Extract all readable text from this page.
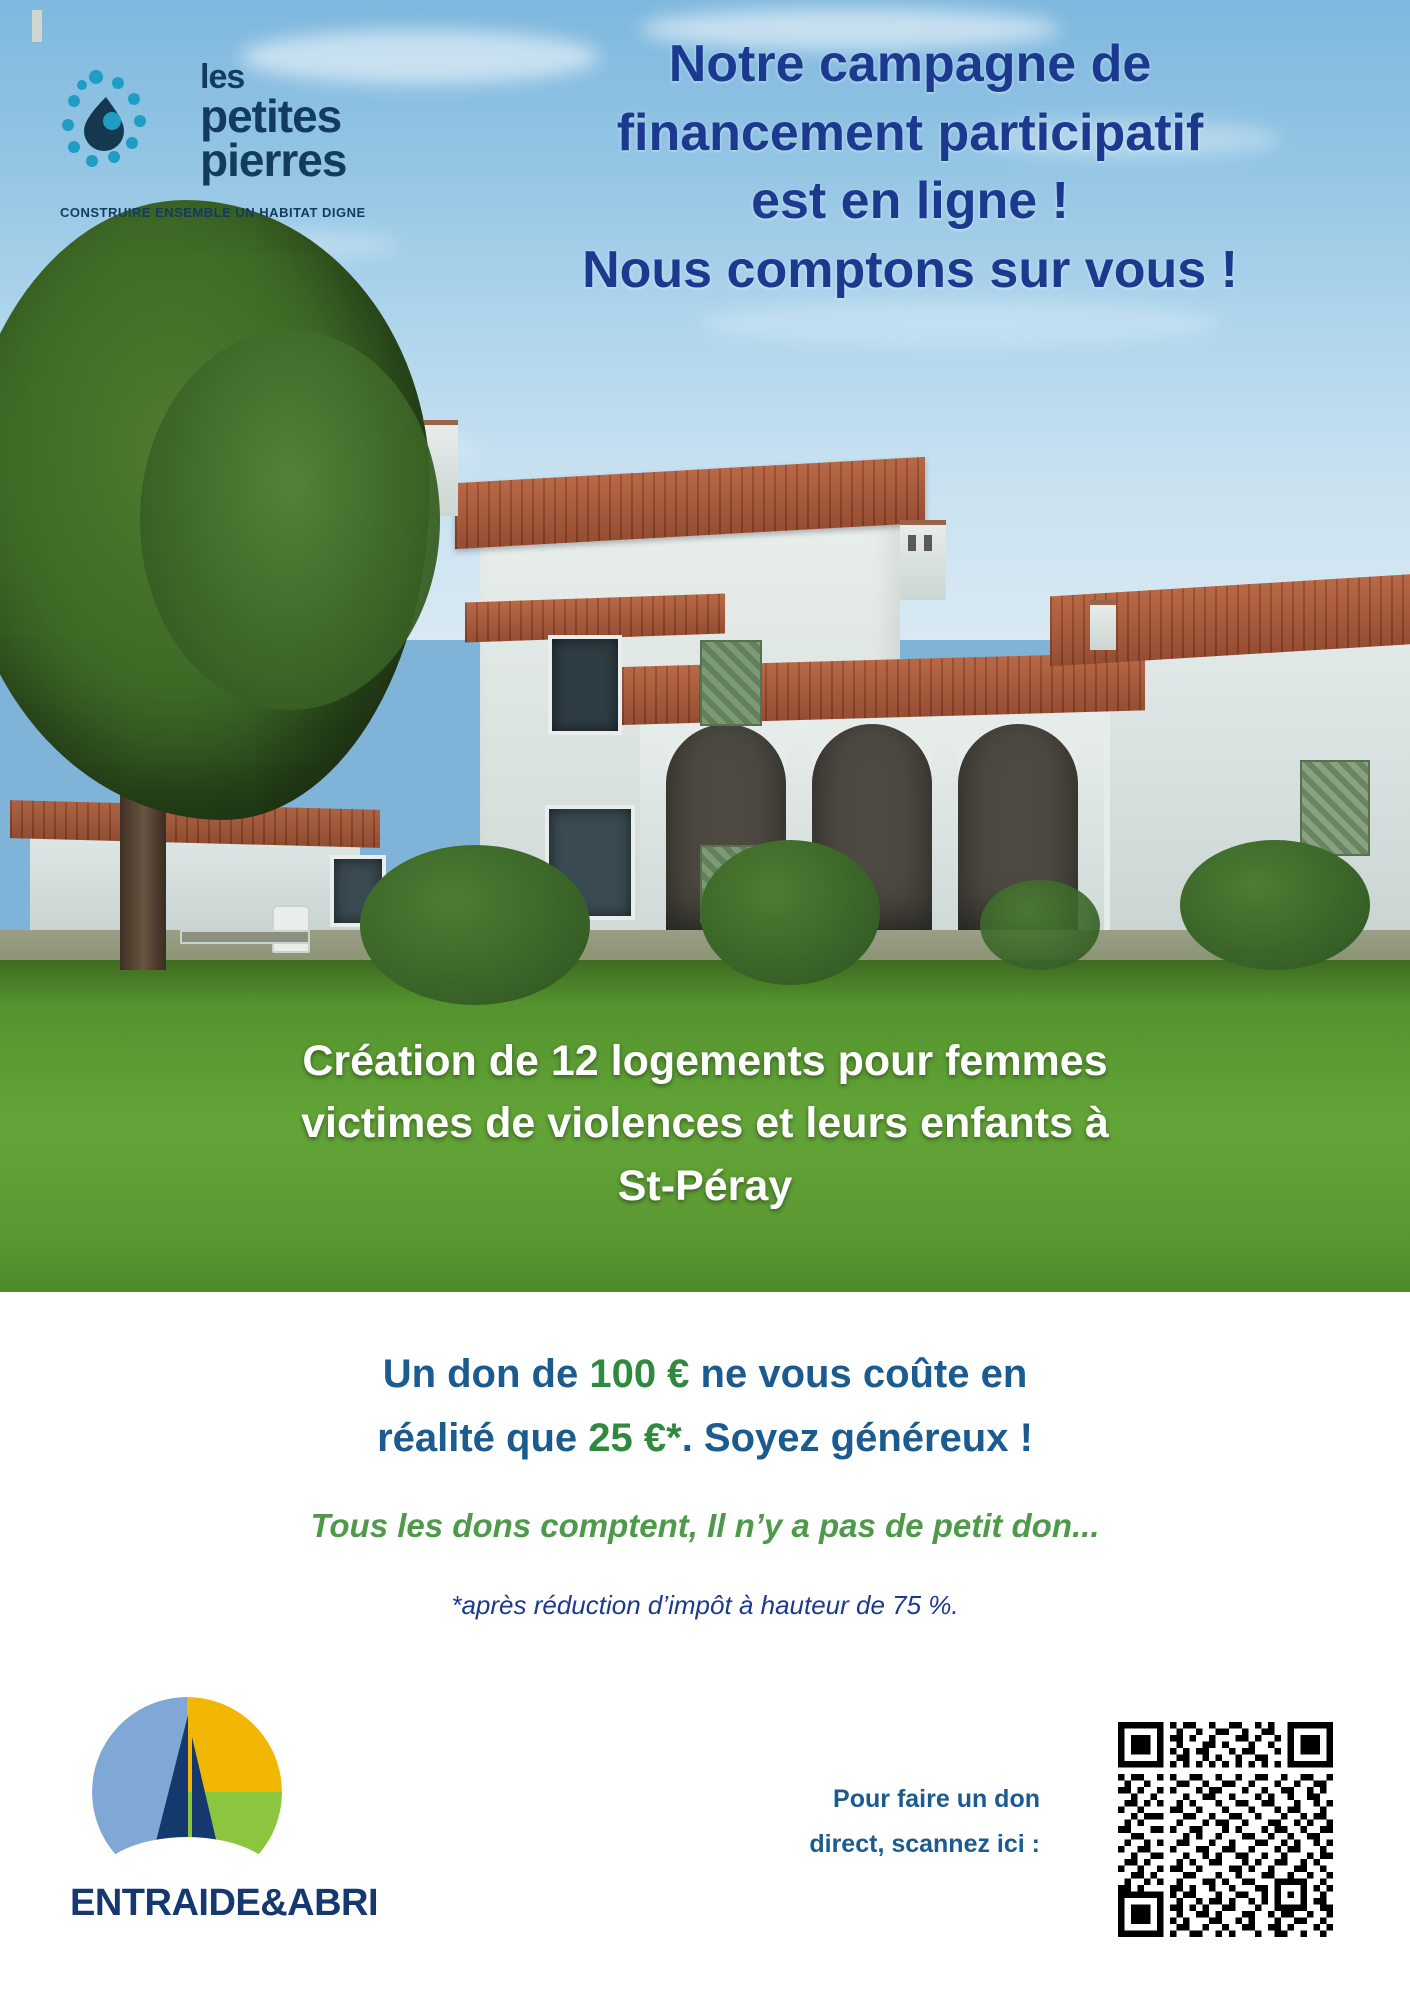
les
petites
pierres
CONSTRUIRE ENSEMBLE UN HABITAT DIGNE
Notre campagne de
financement participatif
est en ligne !
Nous comptons sur vous !
Création de 12 logements pour femmes
victimes de violences et leurs enfants à
St-Péray
Un don de 100 € ne vous coûte en
réalité que 25 €*. Soyez généreux !
Tous les dons comptent, Il n’y a pas de petit don...
*après réduction d’impôt à hauteur de 75 %.
ENTRAIDE&ABRI
Pour faire un don
direct, scannez ici :
